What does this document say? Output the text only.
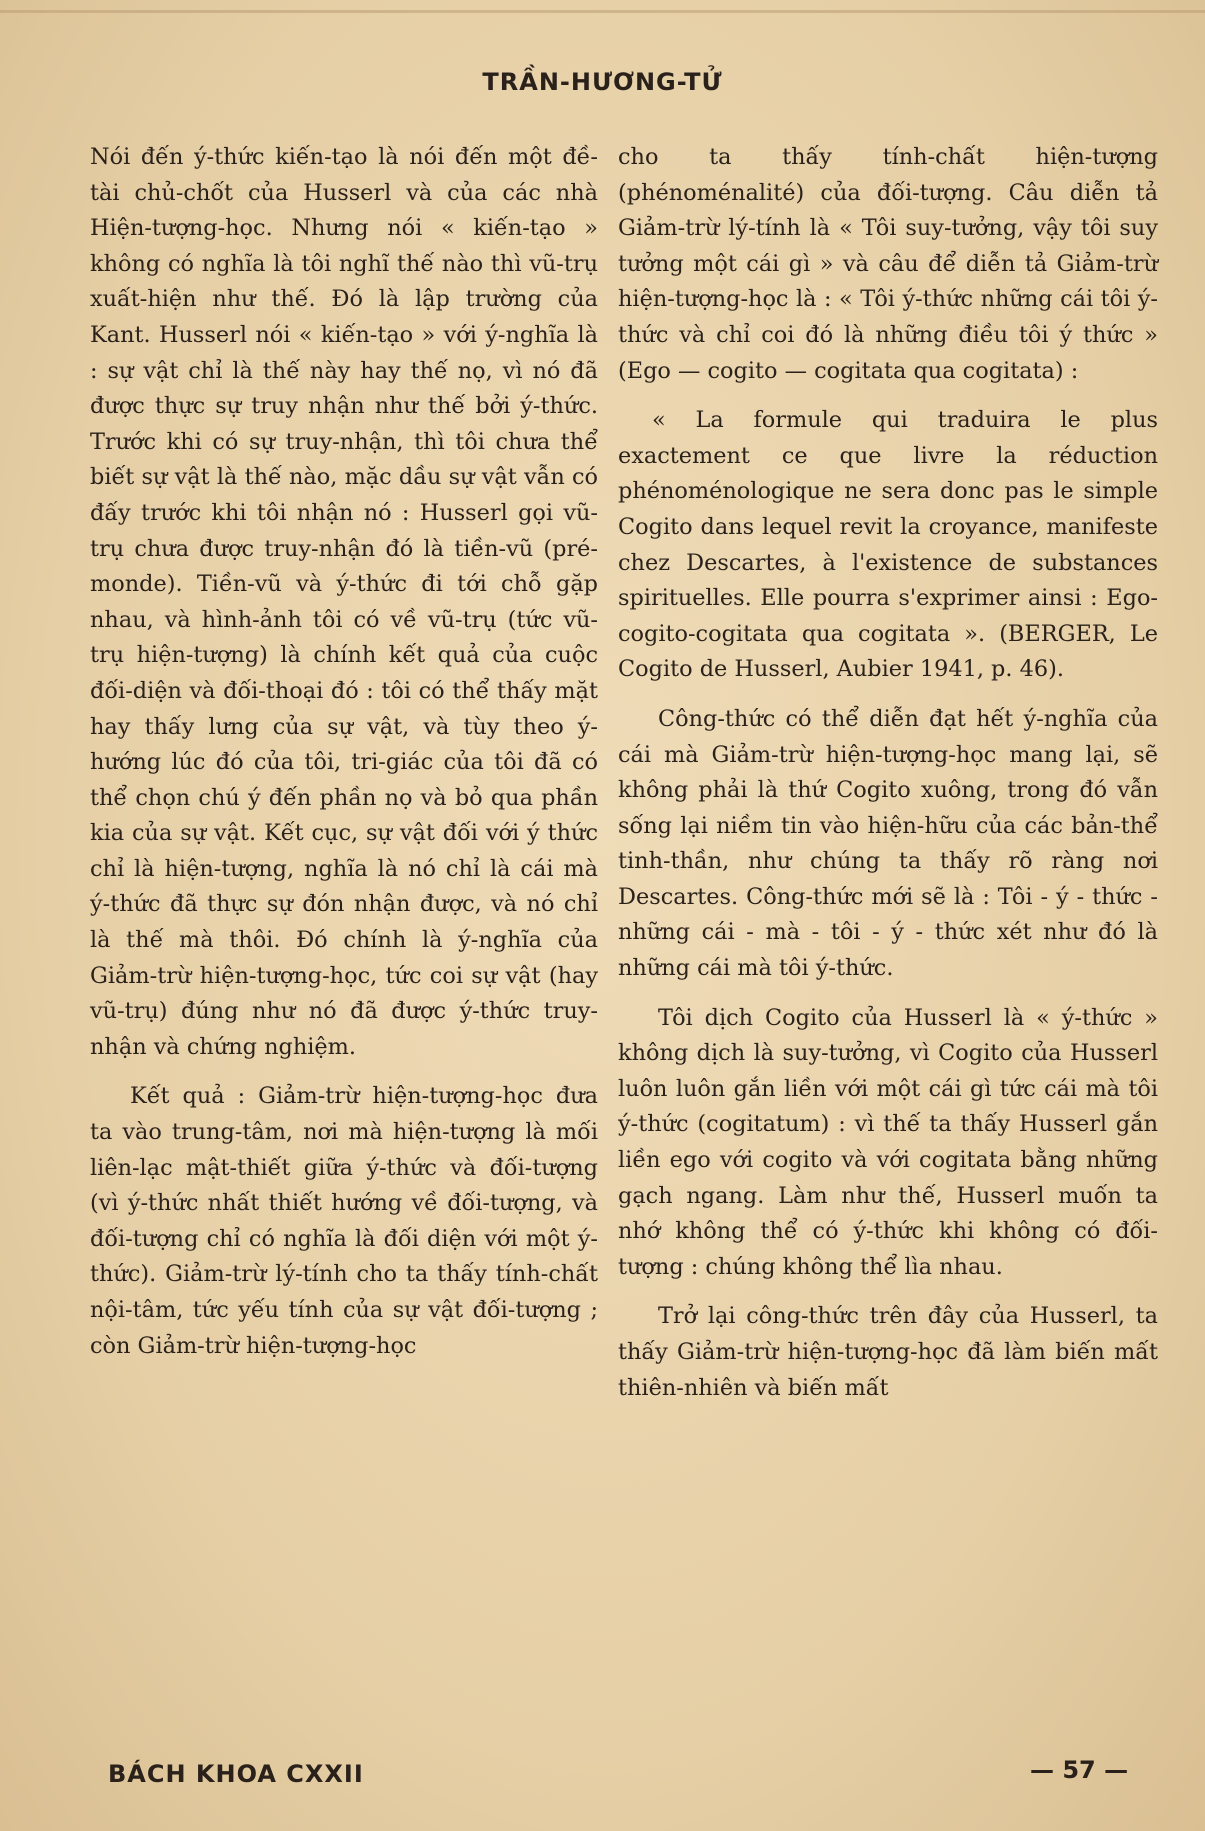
TRẦN-HƯƠNG-TỬ

Nói đến ý-thức kiến-tạo là nói đến một đề-tài chủ-chốt của Husserl và của các nhà Hiện-tượng-học. Nhưng nói « kiến-tạo » không có nghĩa là tôi nghĩ thế nào thì vũ-trụ xuất-hiện như thế. Đó là lập trường của Kant. Husserl nói « kiến-tạo » với ý-nghĩa là : sự vật chỉ là thế này hay thế nọ, vì nó đã được thực sự truy nhận như thế bởi ý-thức. Trước khi có sự truy-nhận, thì tôi chưa thể biết sự vật là thế nào, mặc dầu sự vật vẫn có đấy trước khi tôi nhận nó : Husserl gọi vũ-trụ chưa được truy-nhận đó là tiền-vũ (pré-monde). Tiền-vũ và ý-thức đi tới chỗ gặp nhau, và hình-ảnh tôi có về vũ-trụ (tức vũ-trụ hiện-tượng) là chính kết quả của cuộc đối-diện và đối-thoại đó : tôi có thể thấy mặt hay thấy lưng của sự vật, và tùy theo ý-hướng lúc đó của tôi, tri-giác của tôi đã có thể chọn chú ý đến phần nọ và bỏ qua phần kia của sự vật. Kết cục, sự vật đối với ý thức chỉ là hiện-tượng, nghĩa là nó chỉ là cái mà ý-thức đã thực sự đón nhận được, và nó chỉ là thế mà thôi. Đó chính là ý-nghĩa của Giảm-trừ hiện-tượng-học, tức coi sự vật (hay vũ-trụ) đúng như nó đã được ý-thức truy-nhận và chứng nghiệm.

Kết quả : Giảm-trừ hiện-tượng-học đưa ta vào trung-tâm, nơi mà hiện-tượng là mối liên-lạc mật-thiết giữa ý-thức và đối-tượng (vì ý-thức nhất thiết hướng về đối-tượng, và đối-tượng chỉ có nghĩa là đối diện với một ý-thức). Giảm-trừ lý-tính cho ta thấy tính-chất nội-tâm, tức yếu tính của sự vật đối-tượng ; còn Giảm-trừ hiện-tượng-học

cho ta thấy tính-chất hiện-tượng (phénoménalité) của đối-tượng. Câu diễn tả Giảm-trừ lý-tính là « Tôi suy-tưởng, vậy tôi suy tưởng một cái gì » và câu để diễn tả Giảm-trừ hiện-tượng-học là : « Tôi ý-thức những cái tôi ý-thức và chỉ coi đó là những điều tôi ý thức » (Ego — cogito — cogitata qua cogitata) :

« La formule qui traduira le plus exactement ce que livre la réduction phénoménologique ne sera donc pas le simple Cogito dans lequel revit la croyance, manifeste chez Descartes, à l'existence de substances spirituelles. Elle pourra s'exprimer ainsi : Ego-cogito-cogitata qua cogitata ». (BERGER, Le Cogito de Husserl, Aubier 1941, p. 46).

Công-thức có thể diễn đạt hết ý-nghĩa của cái mà Giảm-trừ hiện-tượng-học mang lại, sẽ không phải là thứ Cogito xuông, trong đó vẫn sống lại niềm tin vào hiện-hữu của các bản-thể tinh-thần, như chúng ta thấy rõ ràng nơi Descartes. Công-thức mới sẽ là : Tôi - ý - thức - những cái - mà - tôi - ý - thức xét như đó là những cái mà tôi ý-thức.

Tôi dịch Cogito của Husserl là « ý-thức » không dịch là suy-tưởng, vì Cogito của Husserl luôn luôn gắn liền với một cái gì tức cái mà tôi ý-thức (cogitatum) : vì thế ta thấy Husserl gắn liền ego với cogito và với cogitata bằng những gạch ngang. Làm như thế, Husserl muốn ta nhớ không thể có ý-thức khi không có đối-tượng : chúng không thể lìa nhau.

Trở lại công-thức trên đây của Husserl, ta thấy Giảm-trừ hiện-tượng-học đã làm biến mất thiên-nhiên và biến mất

BÁCH KHOA CXXII	— 57 —
